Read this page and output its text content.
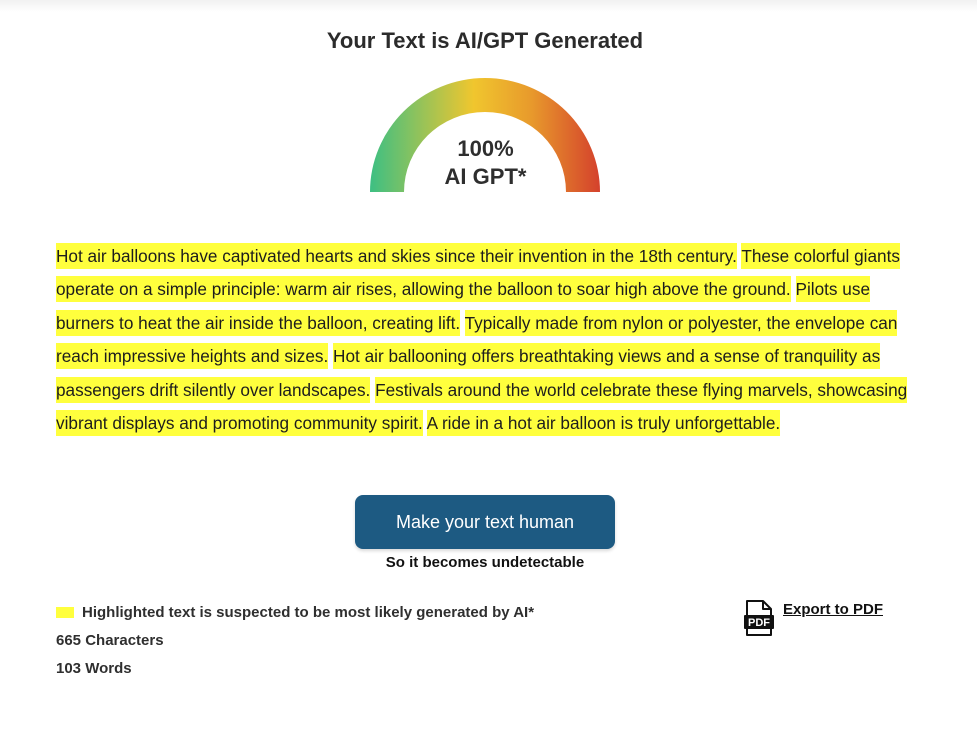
Your Text is AI/GPT Generated
100%
AI GPT*
Hot air balloons have captivated hearts and skies since their invention in the 18th century. These colorful giants operate on a simple principle: warm air rises, allowing the balloon to soar high above the ground. Pilots use burners to heat the air inside the balloon, creating lift. Typically made from nylon or polyester, the envelope can reach impressive heights and sizes. Hot air ballooning offers breathtaking views and a sense of tranquility as passengers drift silently over landscapes. Festivals around the world celebrate these flying marvels, showcasing vibrant displays and promoting community spirit. A ride in a hot air balloon is truly unforgettable.
Make your text human
So it becomes undetectable
Highlighted text is suspected to be most likely generated by AI*
665 Characters
103 Words
PDF
Export to PDF
